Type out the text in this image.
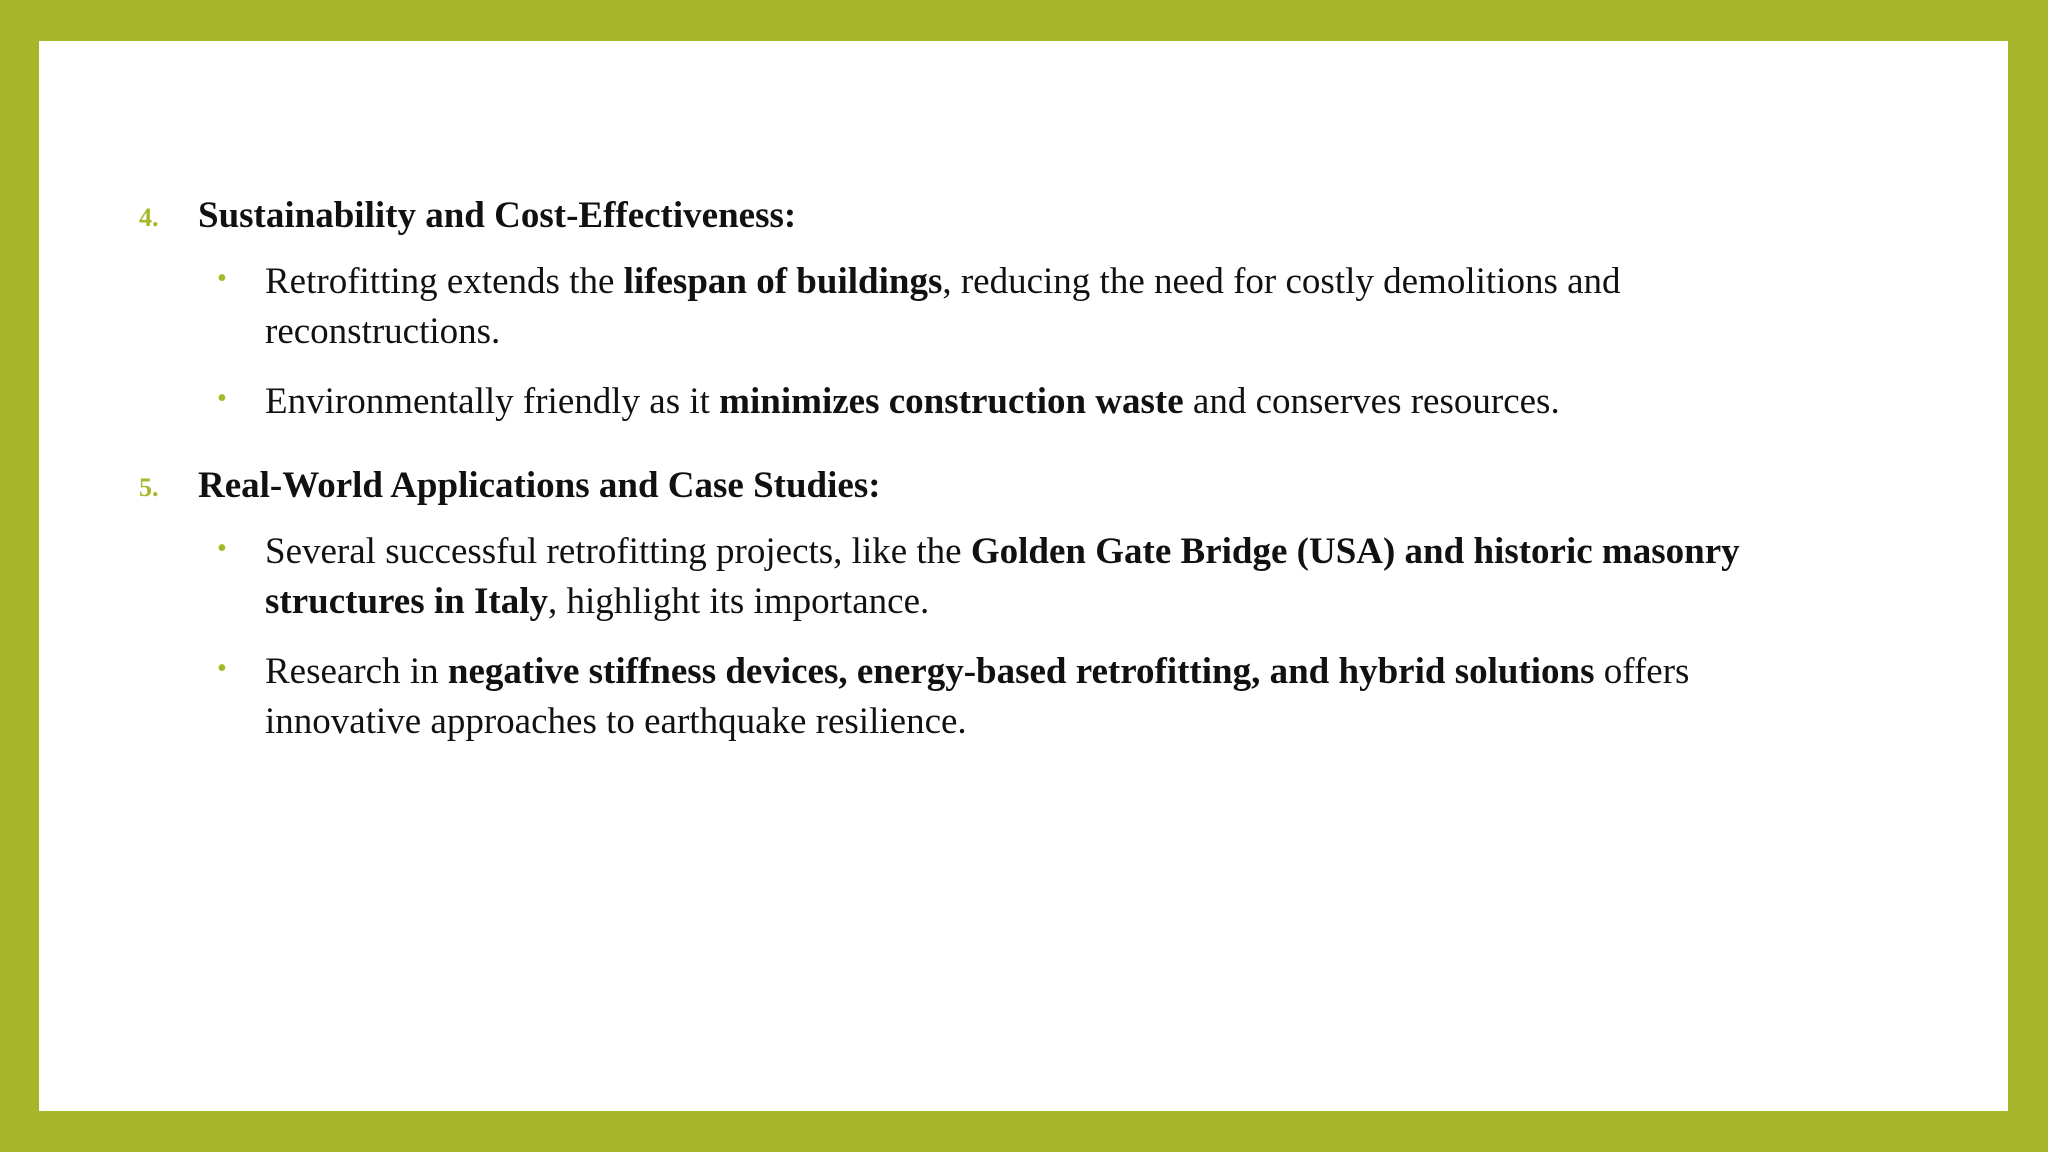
4. Sustainability and Cost-Effectiveness:
• Retrofitting extends the lifespan of buildings, reducing the need for costly demolitions and reconstructions.
• Environmentally friendly as it minimizes construction waste and conserves resources.
5. Real-World Applications and Case Studies:
• Several successful retrofitting projects, like the Golden Gate Bridge (USA) and historic masonry structures in Italy, highlight its importance.
• Research in negative stiffness devices, energy-based retrofitting, and hybrid solutions offers innovative approaches to earthquake resilience.
